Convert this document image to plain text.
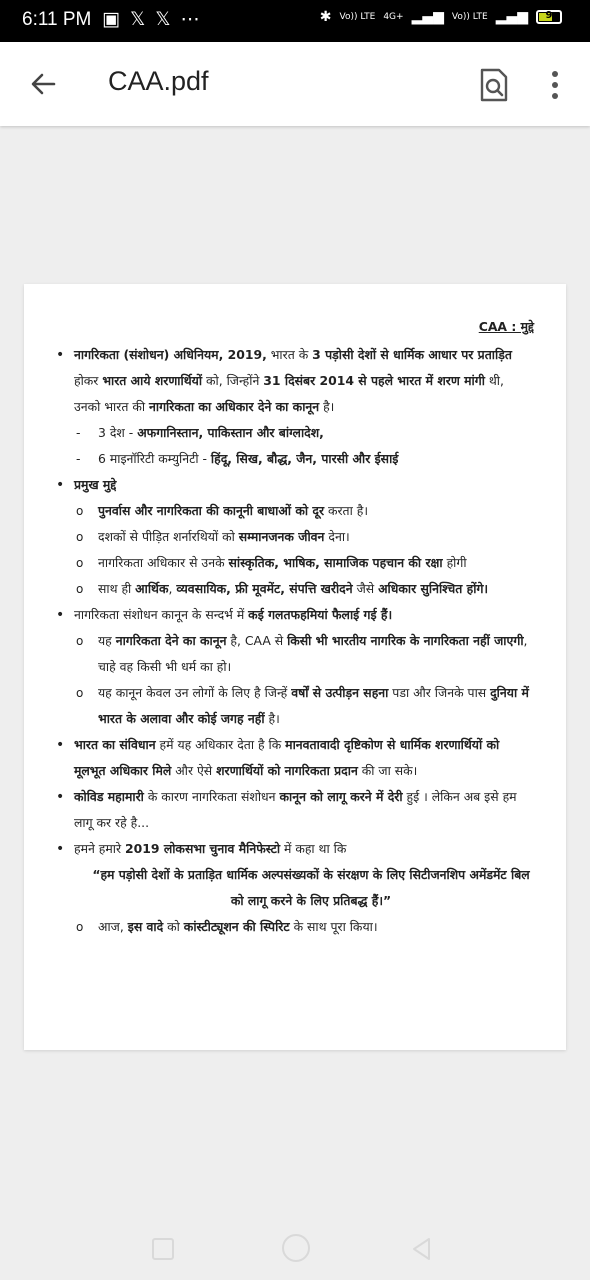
6:11 PM ▣ 𝕏 𝕏 ⋯	✱ Vo)) LTE 4G+ ▂▄▆ Vo)) LTE ▂▄▆	9
CAA.pdf
CAA : मुद्दे
• नागरिकता (संशोधन) अधिनियम, 2019, भारत के 3 पड़ोसी देशों से धार्मिक आधार पर प्रताड़ित होकर भारत आये शरणार्थियों को, जिन्होंने 31 दिसंबर 2014 से पहले भारत में शरण मांगी थी, उनको भारत की नागरिकता का अधिकार देने का कानून है।
- 3 देश - अफगानिस्तान, पाकिस्तान और बांग्लादेश,
- 6 माइनॉरिटी कम्युनिटी - हिंदू, सिख, बौद्ध, जैन, पारसी और ईसाई
• प्रमुख मुद्दे
o पुनर्वास और नागरिकता की कानूनी बाधाओं को दूर करता है।
o दशकों से पीड़ित शर्नारथियों को सम्मानजनक जीवन देना।
o नागरिकता अधिकार से उनके सांस्कृतिक, भाषिक, सामाजिक पहचान की रक्षा होगी
o साथ ही आर्थिक, व्यवसायिक, फ्री मूवमेंट, संपत्ति खरीदने जैसे अधिकार सुनिश्चित होंगे।
• नागरिकता संशोधन कानून के सन्दर्भ में कई गलतफहमियां फैलाई गई हैं।
o यह नागरिकता देने का कानून है, CAA से किसी भी भारतीय नागरिक के नागरिकता नहीं जाएगी, चाहे वह किसी भी धर्म का हो।
o यह कानून केवल उन लोगों के लिए है जिन्हें वर्षों से उत्पीड़न सहना पडा और जिनके पास दुनिया में भारत के अलावा और कोई जगह नहीं है।
• भारत का संविधान हमें यह अधिकार देता है कि मानवतावादी दृष्टिकोण से धार्मिक शरणार्थियों को मूलभूत अधिकार मिले और ऐसे शरणार्थियों को नागरिकता प्रदान की जा सके।
• कोविड महामारी के कारण नागरिकता संशोधन कानून को लागू करने में देरी हुई । लेकिन अब इसे हम लागू कर रहे है...
• हमने हमारे 2019 लोकसभा चुनाव मैनिफेस्टो में कहा था कि
“हम पड़ोसी देशों के प्रताड़ित धार्मिक अल्पसंख्यकों के संरक्षण के लिए सिटीजनशिप अमेंडमेंट बिल को लागू करने के लिए प्रतिबद्ध हैं।”
o आज, इस वादे को कांस्टीट्यूशन की स्पिरिट के साथ पूरा किया।
